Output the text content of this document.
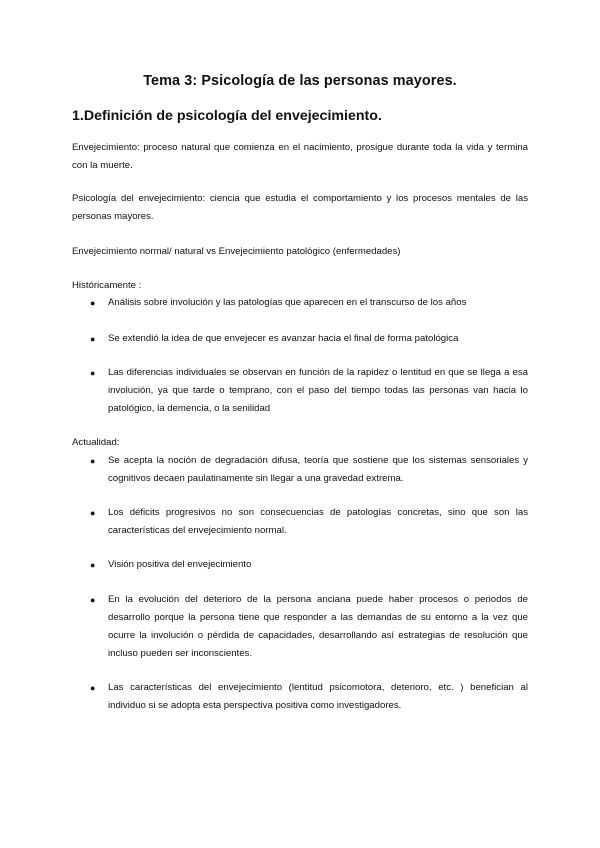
Tema 3: Psicología de las personas mayores.
1.Definición de psicología del envejecimiento.

Envejecimiento: proceso natural que comienza en el nacimiento, prosigue durante toda la vida y termina con la muerte.

Psicología del envejecimiento: ciencia que estudia el comportamiento y los procesos mentales de las personas mayores.

Envejecimiento normal/ natural vs Envejecimiento patológico (enfermedades)

Históricamente :

●	Análisis sobre involución y las patologías que aparecen en el transcurso de los años
●	Se extendió la idea de que envejecer es avanzar hacia el final de forma patológica
●	Las diferencias individuales se observan en función de la rapidez o lentitud en que se llega a esa involución, ya que tarde o temprano, con el paso del tiempo todas las personas van hacia lo patológico, la demencia, o la senilidad

Actualidad:

●	Se acepta la noción de degradación difusa, teoría que sostiene que los sistemas sensoriales y cognitivos decaen paulatinamente sin llegar a una gravedad extrema.
●	Los déficits progresivos no son consecuencias de patologías concretas, sino que son las características del envejecimiento normal.
●	Visión positiva del envejecimiento
●	En la evolución del deterioro de la persona anciana puede haber procesos o periodos de desarrollo porque la persona tiene que responder a las demandas de su entorno a la vez que ocurre la involución o pérdida de capacidades, desarrollando así estrategias de resolución que incluso pueden ser inconscientes.
●	Las características del envejecimiento (lentitud psicomotora, deterioro, etc. ) benefician al individuo si se adopta esta perspectiva positiva como investigadores.
